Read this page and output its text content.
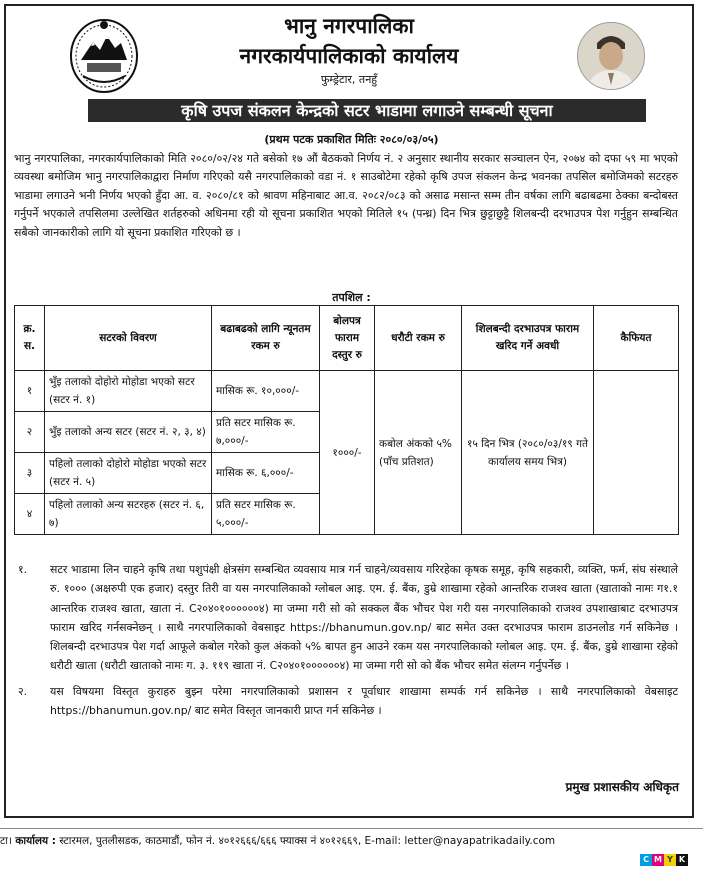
भानु नगरपालिका
नगरकार्यपालिकाको कार्यालय
फुम्ड्रेटार, तनहुँ
कृषि उपज संकलन केन्द्रको सटर भाडामा लगाउने सम्बन्धी सूचना
(प्रथम पटक प्रकाशित मितिः २०८०/०३/०५)
भानु नगरपालिका, नगरकार्यपालिकाको मिति २०८०/०२/२४ गते बसेको १७ औं बैठकको निर्णय नं. २ अनुसार स्थानीय सरकार सञ्चालन ऐन, २०७४ को दफा ५९ मा भएको व्यवस्था बमोजिम भानु नगरपालिकाद्वारा निर्माण गरिएको यसै नगरपालिकाको वडा नं. १ साउबोटेमा रहेको कृषि उपज संकलन केन्द्र भवनका तपसिल बमोजिमको सटरहरु भाडामा लगाउने भनी निर्णय भएको हुँदा आ. व. २०८०/८१ को श्रावण महिनाबाट आ.व. २०८२/०८३ को असाढ मसान्त सम्म तीन वर्षका लागि बढाबढमा ठेक्का बन्दोबस्त गर्नुपर्ने भएकाले तपसिलमा उल्लेखित शर्तहरुको अधिनमा रही यो सूचना प्रकाशित भएको मितिले १५ (पन्ध्र) दिन भित्र छुट्टाछुट्टै शिलबन्दी दरभाउपत्र पेश गर्नुहुन सम्बन्धित सबैको जानकारीको लागि यो सूचना प्रकाशित गरिएको छ ।
तपशिल :
क्र. स.	सटरको विवरण	बढाबढको लागि न्यूनतम रकम रु	बोलपत्र फाराम दस्तुर रु	धरौटी रकम रु	शिलबन्दी दरभाउपत्र फाराम खरिद गर्ने अवधी	कैफियत
१	भुँइ तलाको दोहोरो मोहोडा भएको सटर (सटर नं. १)	मासिक रू. १०,०००/-	१०००/-	कबोल अंकको ५% (पाँच प्रतिशत)	१५ दिन भित्र (२०८०/०३/१९ गते कार्यालय समय भित्र)	
२	भुँइ तलाको अन्य सटर (सटर नं. २, ३, ४)	प्रति सटर मासिक रू. ७,०००/-				
३	पहिलो तलाको दोहोरो मोहोडा भएको सटर (सटर नं. ५)	मासिक रू. ६,०००/-				
४	पहिलो तलाको अन्य सटरहरु (सटर नं. ६, ७)	प्रति सटर मासिक रू. ५,०००/-				
१. सटर भाडामा लिन चाहने कृषि तथा पशुपंक्षी क्षेत्रसंग सम्बन्धित व्यवसाय मात्र गर्न चाहने/व्यवसाय गरिरहेका कृषक समूह, कृषि सहकारी, व्यक्ति, फर्म, संघ संस्थाले रु. १००० (अक्षरुपी एक हजार) दस्तुर तिरी वा यस नगरपालिकाको ग्लोबल आइ. एम. ई. बैंक, डुम्रे शाखामा रहेको आन्तरिक राजश्व खाता (खाताको नामः ग१.१ आन्तरिक राजश्व खाता, खाता नं. C२०४०१००००००४) मा जम्मा गरी सो को सक्कल बैंक भौचर पेश गरी यस नगरपालिकाको राजश्व उपशाखाबाट दरभाउपत्र फाराम खरिद गर्नसक्नेछन् । साथै नगरपालिकाको वेबसाइट https://bhanumun.gov.np/ बाट समेत उक्त दरभाउपत्र फाराम डाउनलोड गर्न सकिनेछ । शिलबन्दी दरभाउपत्र पेश गर्दा आफूले कबोल गरेको कुल अंकको ५% बापत हुन आउने रकम यस नगरपालिकाको ग्लोबल आइ. एम. ई. बैंक, डुम्रे शाखामा रहेको धरौटी खाता (धरौटी खाताको नामः ग. ३. ११९ खाता नं. C२०४०१००००००४) मा जम्मा गरी सो को बैंक भौचर समेत संलग्न गर्नुपर्नेछ ।
२. यस विषयमा विस्तृत कुराहरु बुझ्न परेमा नगरपालिकाको प्रशासन र पूर्वाधार शाखामा सम्पर्क गर्न सकिनेछ । साथै नगरपालिकाको वेबसाइट https://bhanumun.gov.np/ बाट समेत विस्तृत जानकारी प्राप्त गर्न सकिनेछ ।
प्रमुख प्रशासकीय अधिकृत
टा। कार्यालय : स्टारमल, पुतलीसडक, काठमाडौं, फोन नं. ४०१२६६६/६६६ फ्याक्स नं ४०१२६६९, E-mail: letter@nayapatrikadaily.com
C M Y K
